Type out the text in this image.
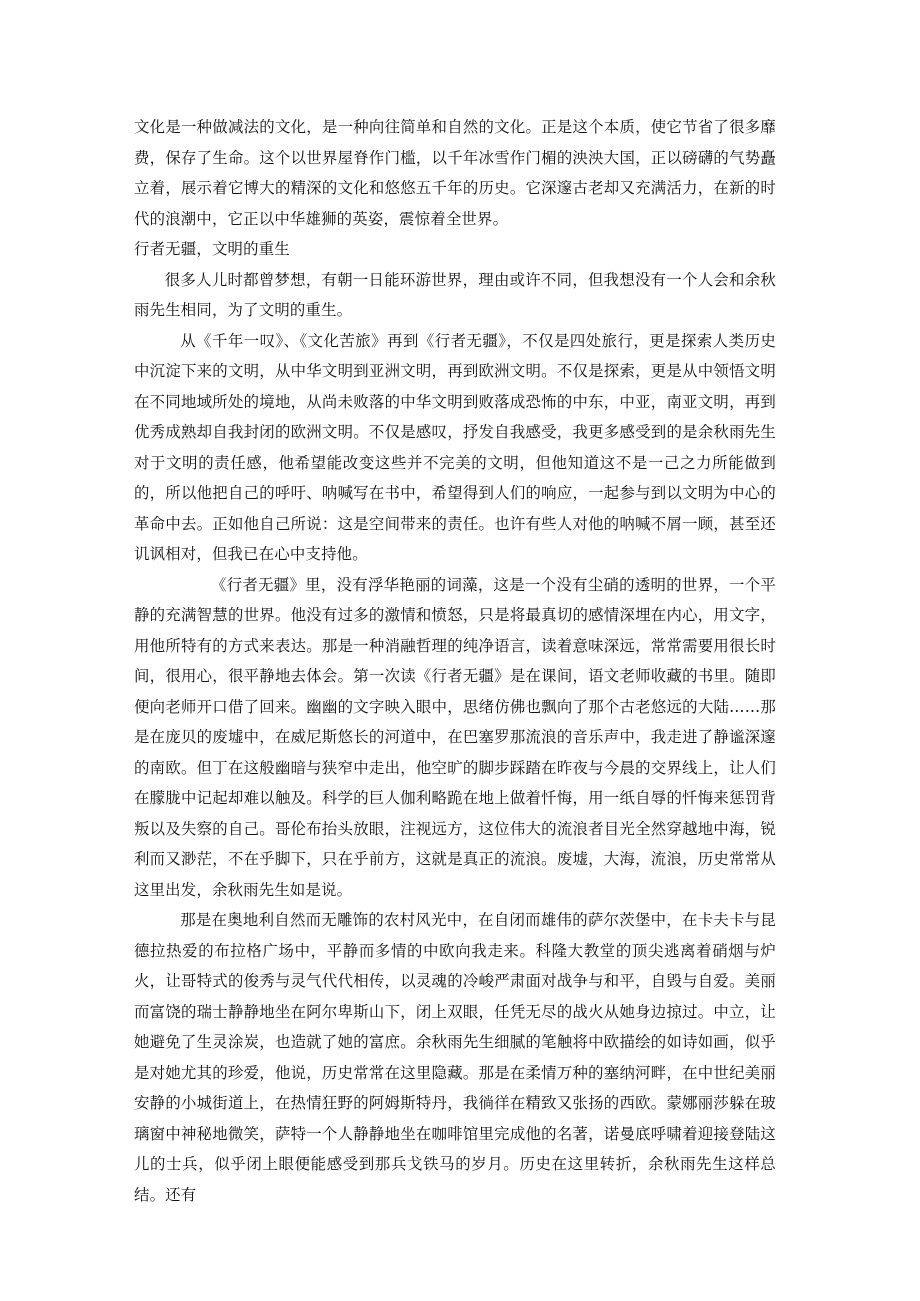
文化是一种做减法的文化，是一种向往简单和自然的文化。正是这个本质，使它节省了很多靡费，保存了生命。这个以世界屋脊作门槛，以千年冰雪作门楣的泱泱大国，正以磅礴的气势矗立着，展示着它博大的精深的文化和悠悠五千年的历史。它深邃古老却又充满活力，在新的时代的浪潮中，它正以中华雄狮的英姿，震惊着全世界。

行者无疆，文明的重生

很多人儿时都曾梦想，有朝一日能环游世界，理由或许不同，但我想没有一个人会和余秋雨先生相同，为了文明的重生。

从《千年一叹》、《文化苦旅》再到《行者无疆》，不仅是四处旅行，更是探索人类历史中沉淀下来的文明，从中华文明到亚洲文明，再到欧洲文明。不仅是探索，更是从中领悟文明在不同地域所处的境地，从尚未败落的中华文明到败落成恐怖的中东，中亚，南亚文明，再到优秀成熟却自我封闭的欧洲文明。不仅是感叹，抒发自我感受，我更多感受到的是余秋雨先生对于文明的责任感，他希望能改变这些并不完美的文明，但他知道这不是一己之力所能做到的，所以他把自己的呼吁、呐喊写在书中，希望得到人们的响应，一起参与到以文明为中心的革命中去。正如他自己所说：这是空间带来的责任。也许有些人对他的呐喊不屑一顾，甚至还讥讽相对，但我已在心中支持他。

《行者无疆》里，没有浮华艳丽的词藻，这是一个没有尘硝的透明的世界，一个平静的充满智慧的世界。他没有过多的激情和愤怒，只是将最真切的感情深埋在内心，用文字，用他所特有的方式来表达。那是一种消融哲理的纯净语言，读着意味深远，常常需要用很长时间，很用心，很平静地去体会。第一次读《行者无疆》是在课间，语文老师收藏的书里。随即便向老师开口借了回来。幽幽的文字映入眼中，思绪仿佛也飘向了那个古老悠远的大陆……那是在庞贝的废墟中，在威尼斯悠长的河道中，在巴塞罗那流浪的音乐声中，我走进了静谧深邃的南欧。但丁在这般幽暗与狭窄中走出，他空旷的脚步踩踏在昨夜与今晨的交界线上，让人们在朦胧中记起却难以触及。科学的巨人伽利略跪在地上做着忏悔，用一纸自辱的忏悔来惩罚背叛以及失察的自己。哥伦布抬头放眼，注视远方，这位伟大的流浪者目光全然穿越地中海，锐利而又渺茫，不在乎脚下，只在乎前方，这就是真正的流浪。废墟，大海，流浪，历史常常从这里出发，余秋雨先生如是说。

那是在奥地利自然而无雕饰的农村风光中，在自闭而雄伟的萨尔茨堡中，在卡夫卡与昆德拉热爱的布拉格广场中，平静而多情的中欧向我走来。科隆大教堂的顶尖逃离着硝烟与炉火，让哥特式的俊秀与灵气代代相传，以灵魂的冷峻严肃面对战争与和平，自毁与自爱。美丽而富饶的瑞士静静地坐在阿尔卑斯山下，闭上双眼，任凭无尽的战火从她身边掠过。中立，让她避免了生灵涂炭，也造就了她的富庶。余秋雨先生细腻的笔触将中欧描绘的如诗如画，似乎是对她尤其的珍爱，他说，历史常常在这里隐藏。那是在柔情万种的塞纳河畔，在中世纪美丽安静的小城街道上，在热情狂野的阿姆斯特丹，我徜徉在精致又张扬的西欧。蒙娜丽莎躲在玻璃窗中神秘地微笑，萨特一个人静静地坐在咖啡馆里完成他的名著，诺曼底呼啸着迎接登陆这儿的士兵，似乎闭上眼便能感受到那兵戈铁马的岁月。历史在这里转折，余秋雨先生这样总结。还有
